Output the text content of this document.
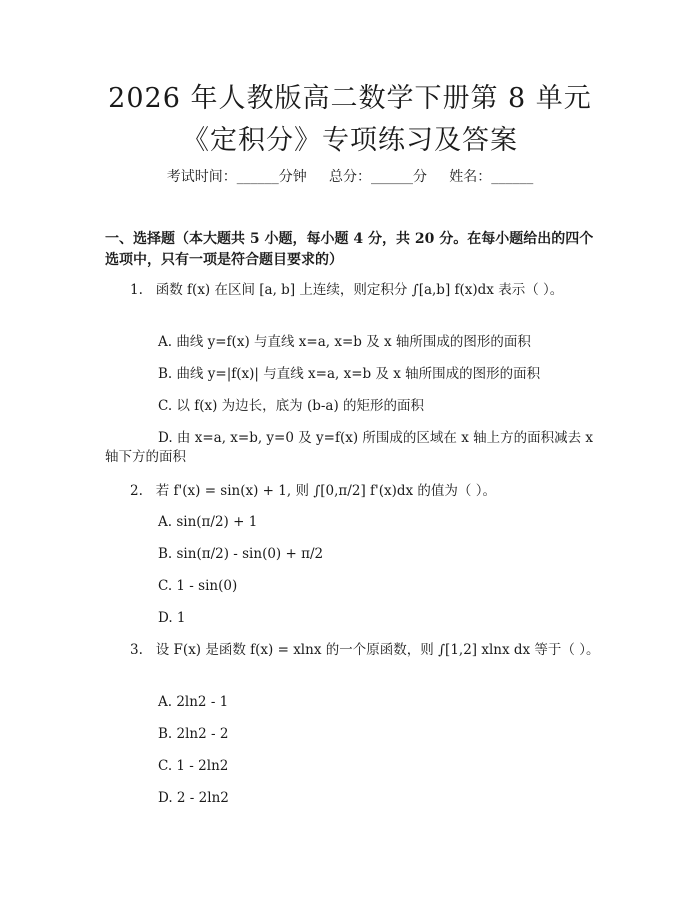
2026 年人教版高二数学下册第 8 单元《定积分》专项练习及答案
考试时间：______分钟     总分：______分     姓名：______
一、选择题（本大题共 5 小题，每小题 4 分，共 20 分。在每小题给出的四个选项中，只有一项是符合题目要求的）

1. 函数 f(x) 在区间 [a, b] 上连续，则定积分 ∫[a,b] f(x)dx 表示（ ）。

A. 曲线 y=f(x) 与直线 x=a, x=b 及 x 轴所围成的图形的面积
B. 曲线 y=|f(x)| 与直线 x=a, x=b 及 x 轴所围成的图形的面积
C. 以 f(x) 为边长，底为 (b-a) 的矩形的面积
D. 由 x=a, x=b, y=0 及 y=f(x) 所围成的区域在 x 轴上方的面积减去 x 轴下方的面积

2. 若 f'(x) = sin(x) + 1, 则 ∫[0,π/2] f'(x)dx 的值为（ ）。

A. sin(π/2) + 1
B. sin(π/2) - sin(0) + π/2
C. 1 - sin(0)
D. 1

3. 设 F(x) 是函数 f(x) = xlnx 的一个原函数，则 ∫[1,2] xlnx dx 等于（ ）。

A. 2ln2 - 1
B. 2ln2 - 2
C. 1 - 2ln2
D. 2 - 2ln2
